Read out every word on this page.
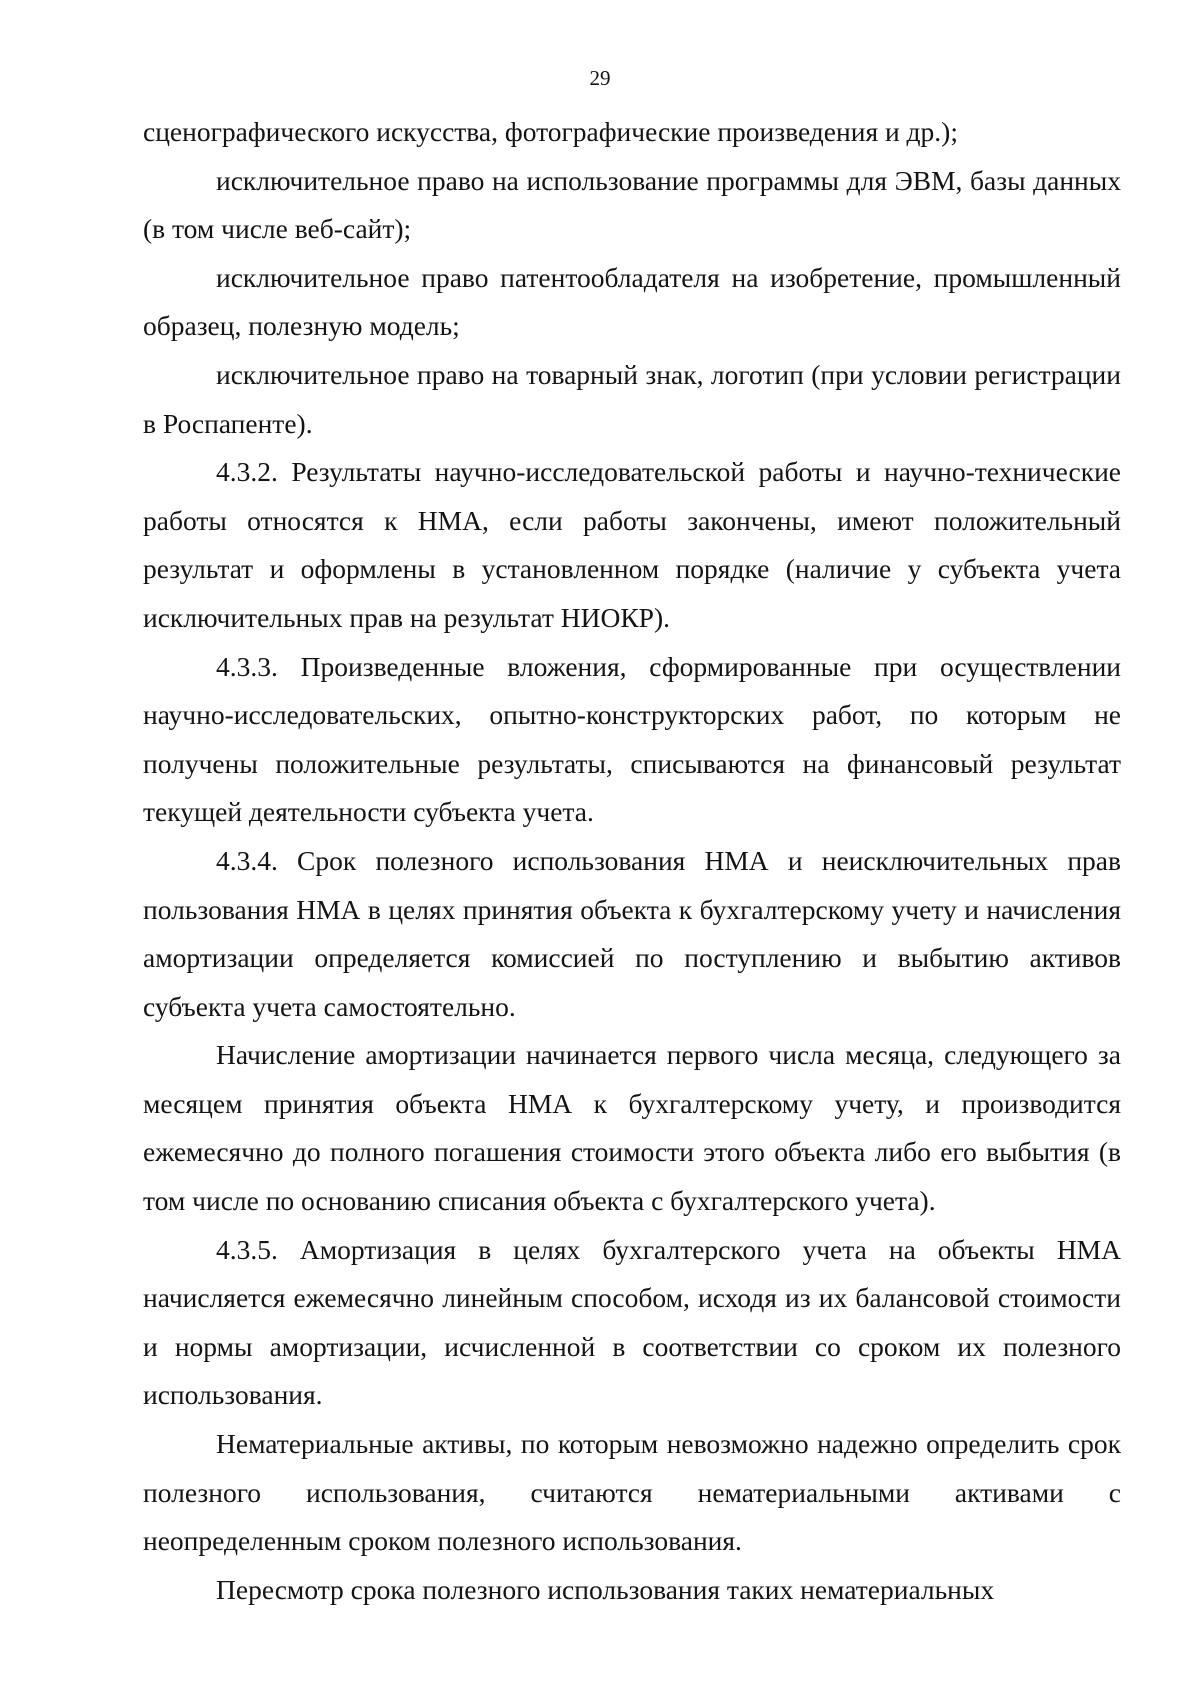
29

сценографического искусства, фотографические произведения и др.);

исключительное право на использование программы для ЭВМ, базы данных (в том числе веб-сайт);

исключительное право патентообладателя на изобретение, промышленный образец, полезную модель;

исключительное право на товарный знак, логотип (при условии регистрации в Роспапенте).

4.3.2. Результаты научно-исследовательской работы и научно-технические работы относятся к НМА, если работы закончены, имеют положительный результат и оформлены в установленном порядке (наличие у субъекта учета исключительных прав на результат НИОКР).

4.3.3. Произведенные вложения, сформированные при осуществлении научно-исследовательских, опытно-конструкторских работ, по которым не получены положительные результаты, списываются на финансовый результат текущей деятельности субъекта учета.

4.3.4. Срок полезного использования НМА и неисключительных прав пользования НМА в целях принятия объекта к бухгалтерскому учету и начисления амортизации определяется комиссией по поступлению и выбытию активов субъекта учета самостоятельно.

Начисление амортизации начинается первого числа месяца, следующего за месяцем принятия объекта НМА к бухгалтерскому учету, и производится ежемесячно до полного погашения стоимости этого объекта либо его выбытия (в том числе по основанию списания объекта с бухгалтерского учета).

4.3.5. Амортизация в целях бухгалтерского учета на объекты НМА начисляется ежемесячно линейным способом, исходя из их балансовой стоимости и нормы амортизации, исчисленной в соответствии со сроком их полезного использования.

Нематериальные активы, по которым невозможно надежно определить срок полезного использования, считаются нематериальными активами с неопределенным сроком полезного использования.

Пересмотр срока полезного использования таких нематериальных
